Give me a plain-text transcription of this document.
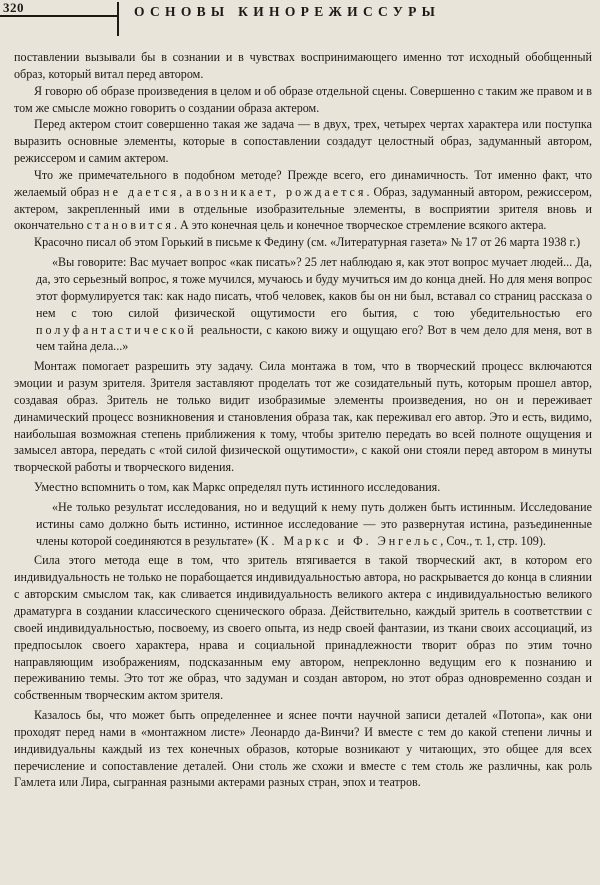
320	ОСНОВЫ КИНОРЕЖИССУРЫ

поставлении вызывали бы в сознании и в чувствах воспринимающего именно тот исходный обобщенный образ, который витал перед автором.

Я говорю об образе произведения в целом и об образе отдельной сцены. Совершенно с таким же правом и в том же смысле можно говорить о создании образа актером.

Перед актером стоит совершенно такая же задача — в двух, трех, четырех чертах характера или поступка выразить основные элементы, которые в сопоставлении создадут целостный образ, задуманный автором, режиссером и самим актером.

Что же примечательного в подобном методе? Прежде всего, его динамичность. Тот именно факт, что желаемый образ не дается, а возникает, рождается. Образ, задуманный автором, режиссером, актером, закрепленный ими в отдельные изобразительные элементы, в восприятии зрителя вновь и окончательно становится. А это конечная цель и конечное творческое стремление всякого актера.

Красочно писал об этом Горький в письме к Федину (см. «Литературная газета» № 17 от 26 марта 1938 г.)

«Вы говорите: Вас мучает вопрос «как писать»? 25 лет наблюдаю я, как этот вопрос мучает людей... Да, да, это серьезный вопрос, я тоже мучился, мучаюсь и буду мучиться им до конца дней. Но для меня вопрос этот формулируется так: как надо писать, чтоб человек, каков бы он ни был, вставал со страниц рассказа о нем с тою силой физической ощутимости его бытия, с тою убедительностью его полуфантастической реальности, с какою вижу и ощущаю его? Вот в чем дело для меня, вот в чем тайна дела...»

Монтаж помогает разрешить эту задачу. Сила монтажа в том, что в творческий процесс включаются эмоции и разум зрителя. Зрителя заставляют проделать тот же созидательный путь, которым прошел автор, создавая образ. Зритель не только видит изобразимые элементы произведения, но он и переживает динамический процесс возникновения и становления образа так, как переживал его автор. Это и есть, видимо, наибольшая возможная степень приближения к тому, чтобы зрителю передать во всей полноте ощущения и замысел автора, передать с «той силой физической ощутимости», с какой они стояли перед автором в минуты творческой работы и творческого видения.

Уместно вспомнить о том, как Маркс определял путь истинного исследования.

«Не только результат исследования, но и ведущий к нему путь должен быть истинным. Исследование истины само должно быть истинно, истинное исследование — это развернутая истина, разъединенные члены которой соединяются в результате» (К. Маркс и Ф. Энгельс, Соч., т. 1, стр. 109).

Сила этого метода еще в том, что зритель втягивается в такой творческий акт, в котором его индивидуальность не только не порабощается индивидуальностью автора, но раскрывается до конца в слиянии с авторским смыслом так, как сливается индивидуальность великого актера с индивидуальностью великого драматурга в создании классического сценического образа. Действительно, каждый зритель в соответствии с своей индивидуальностью, посвоему, из своего опыта, из недр своей фантазии, из ткани своих ассоциаций, из предпосылок своего характера, нрава и социальной принадлежности творит образ по этим точно направляющим изображениям, подсказанным ему автором, непреклонно ведущим его к познанию и переживанию темы. Это тот же образ, что задуман и создан автором, но этот образ одновременно создан и собственным творческим актом зрителя.

Казалось бы, что может быть определеннее и яснее почти научной записи деталей «Потопа», как они проходят перед нами в «монтажном листе» Леонардо да-Винчи? И вместе с тем до какой степени личны и индивидуальны каждый из тех конечных образов, которые возникают у читающих, это общее для всех перечисление и сопоставление деталей. Они столь же схожи и вместе с тем столь же различны, как роль Гамлета или Лира, сыгранная разными актерами разных стран, эпох и театров.
